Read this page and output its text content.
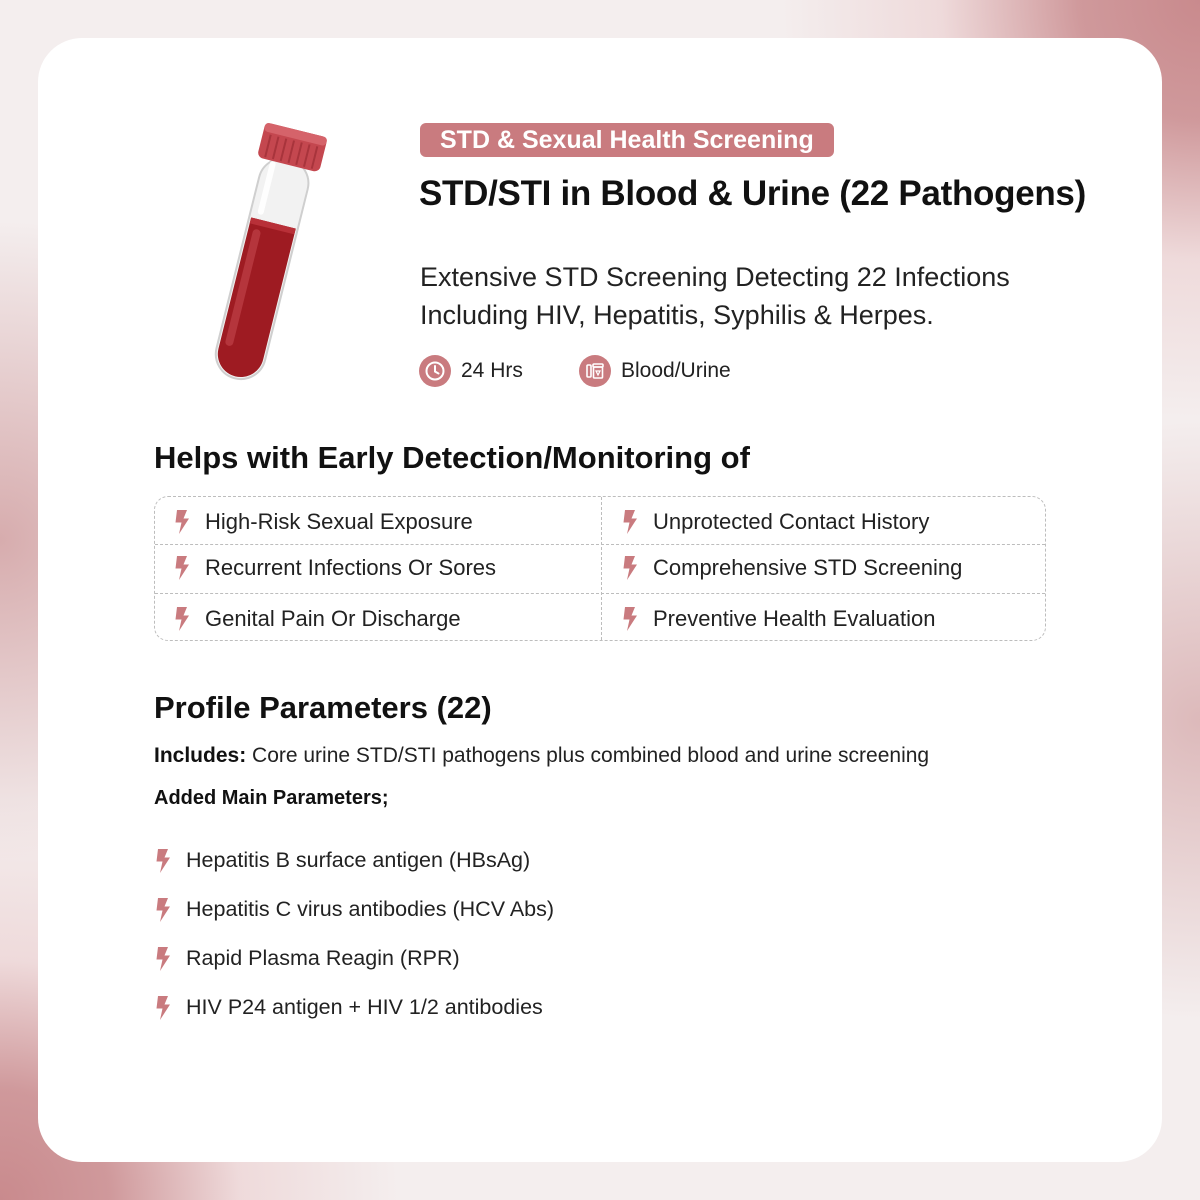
STD & Sexual Health Screening
STD/STI in Blood & Urine (22 Pathogens)
Extensive STD Screening Detecting 22 Infections
Including HIV, Hepatitis, Syphilis & Herpes.
24 Hrs	Blood/Urine
Helps with Early Detection/Monitoring of
High-Risk Sexual Exposure	Unprotected Contact History
Recurrent Infections Or Sores	Comprehensive STD Screening
Genital Pain Or Discharge	Preventive Health Evaluation
Profile Parameters (22)
Includes: Core urine STD/STI pathogens plus combined blood and urine screening
Added Main Parameters;
Hepatitis B surface antigen (HBsAg)
Hepatitis C virus antibodies (HCV Abs)
Rapid Plasma Reagin (RPR)
HIV P24 antigen + HIV 1/2 antibodies
